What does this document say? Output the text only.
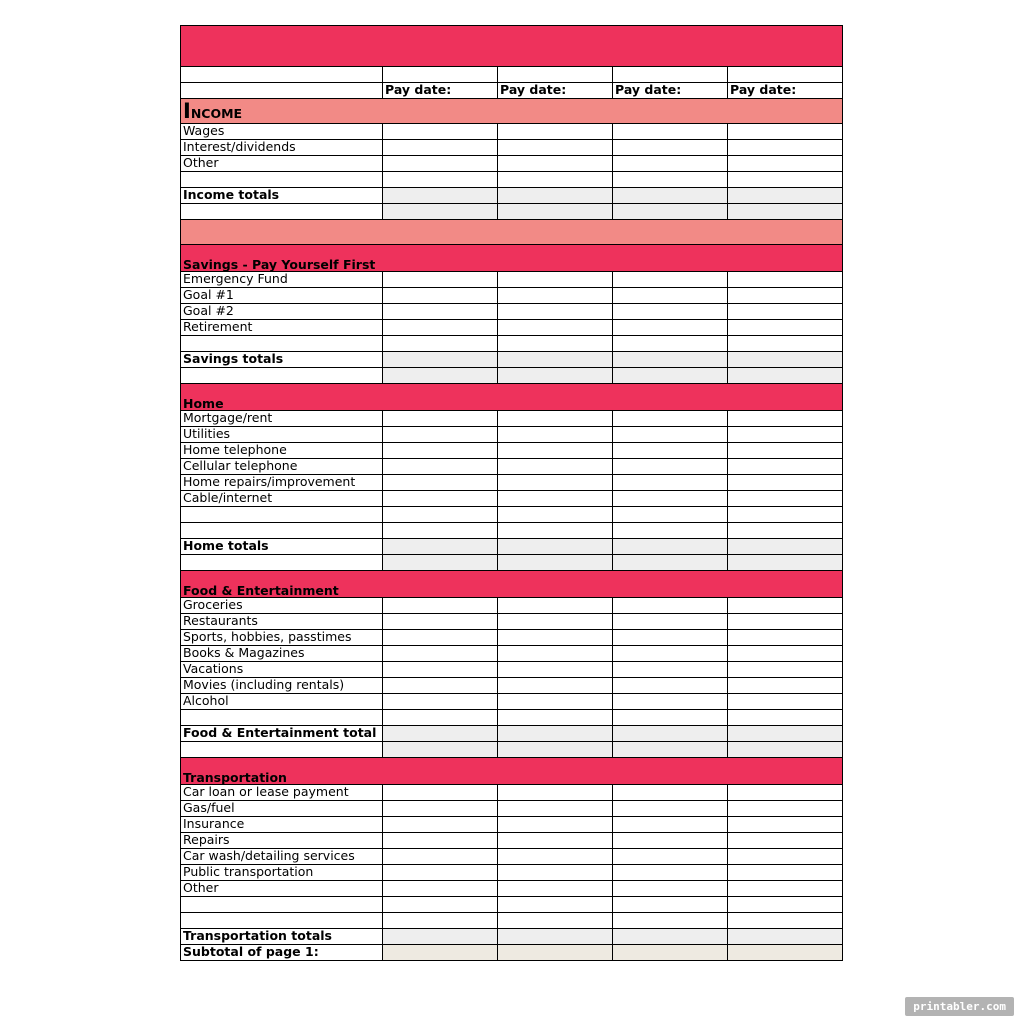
	Pay date:	Pay date:	Pay date:	Pay date:
INCOME				
Wages				
Interest/dividends				
Other				

Income totals				

Savings - Pay Yourself First				
Emergency Fund				
Goal #1				
Goal #2				
Retirement				

Savings totals				

Home				
Mortgage/rent				
Utilities				
Home telephone				
Cellular telephone				
Home repairs/improvement				
Cable/internet				

Home totals				

Food & Entertainment				
Groceries				
Restaurants				
Sports, hobbies, passtimes				
Books & Magazines				
Vacations				
Movies (including rentals)				
Alcohol				

Food & Entertainment total				

Transportation				
Car loan or lease payment				
Gas/fuel				
Insurance				
Repairs				
Car wash/detailing services				
Public transportation				
Other				

Transportation totals				
Subtotal of page 1:				
printabler.com
